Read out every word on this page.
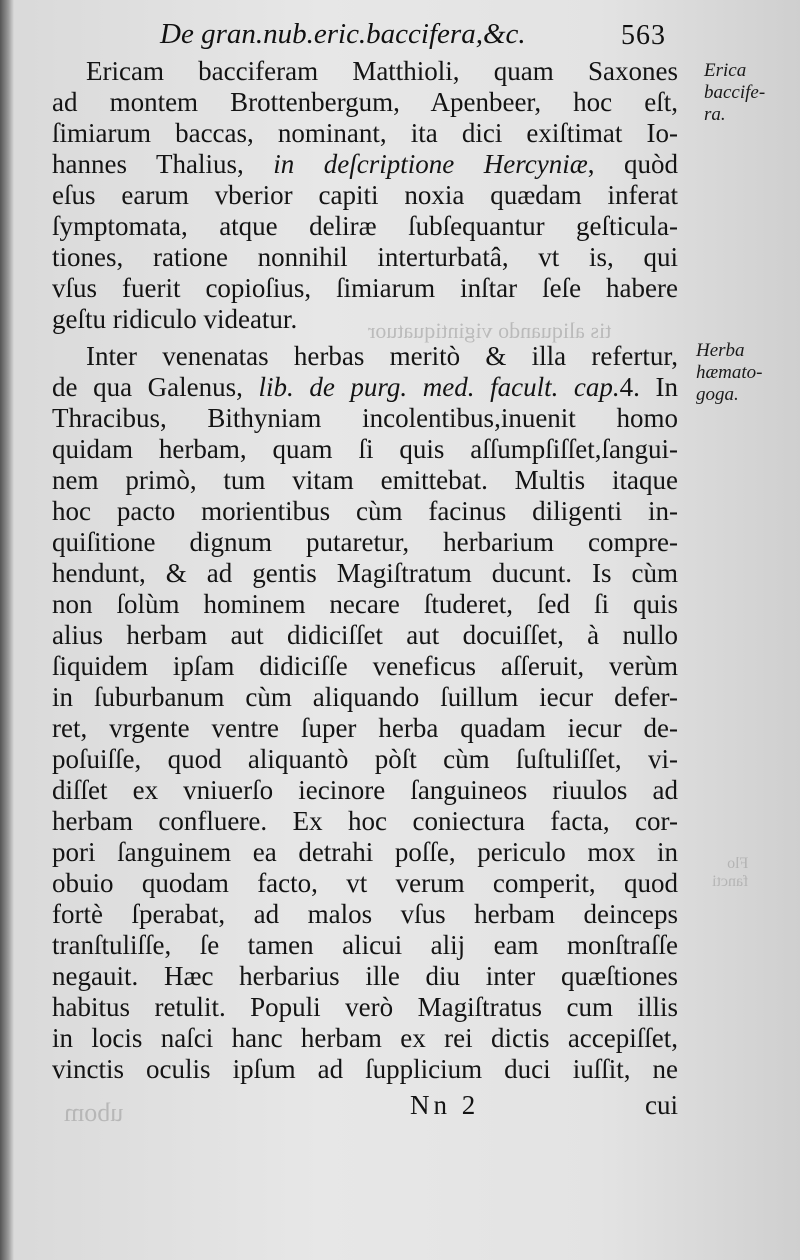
tis aliquando vigintiquatuor
ubom
Flo
fancti
De gran.nub.eric.baccifera,&c.	563
Ericam bacciferam Matthioli, quam Saxones
ad montem Brottenbergum, Apenbeer, hoc eſt,
ſimiarum baccas, nominant, ita dici exiſtimat Io-
hannes Thalius, in deſcriptione Hercyniæ, quòd
eſus earum vberior capiti noxia quædam inferat
ſymptomata, atque deliræ ſubſequantur geſticula-
tiones, ratione nonnihil interturbatâ, vt is, qui
vſus fuerit copioſius, ſimiarum inſtar ſeſe habere
geſtu ridiculo videatur.
Inter venenatas herbas meritò & illa refertur,
de qua Galenus, lib. de purg. med. facult. cap.4. In
Thracibus, Bithyniam incolentibus,inuenit homo
quidam herbam, quam ſi quis aſſumpſiſſet,ſangui-
nem primò, tum vitam emittebat. Multis itaque
hoc pacto morientibus cùm facinus diligenti in-
quiſitione dignum putaretur, herbarium compre-
hendunt, & ad gentis Magiſtratum ducunt. Is cùm
non ſolùm hominem necare ſtuderet, ſed ſi quis
alius herbam aut didiciſſet aut docuiſſet, à nullo
ſiquidem ipſam didiciſſe veneficus aſſeruit, verùm
in ſuburbanum cùm aliquando ſuillum iecur defer-
ret, vrgente ventre ſuper herba quadam iecur de-
poſuiſſe, quod aliquantò pòſt cùm ſuſtuliſſet, vi-
diſſet ex vniuerſo iecinore ſanguineos riuulos ad
herbam confluere. Ex hoc coniectura facta, cor-
pori ſanguinem ea detrahi poſſe, periculo mox in
obuio quodam facto, vt verum comperit, quod
fortè ſperabat, ad malos vſus herbam deinceps
tranſtuliſſe, ſe tamen alicui alij eam monſtraſſe
negauit. Hæc herbarius ille diu inter quæſtiones
habitus retulit. Populi verò Magiſtratus cum illis
in locis naſci hanc herbam ex rei dictis accepiſſet,
vinctis oculis ipſum ad ſupplicium duci iuſſit, ne
Erica
baccife-
ra.
Herba
hæmato-
goga.
Nn 2	cui
